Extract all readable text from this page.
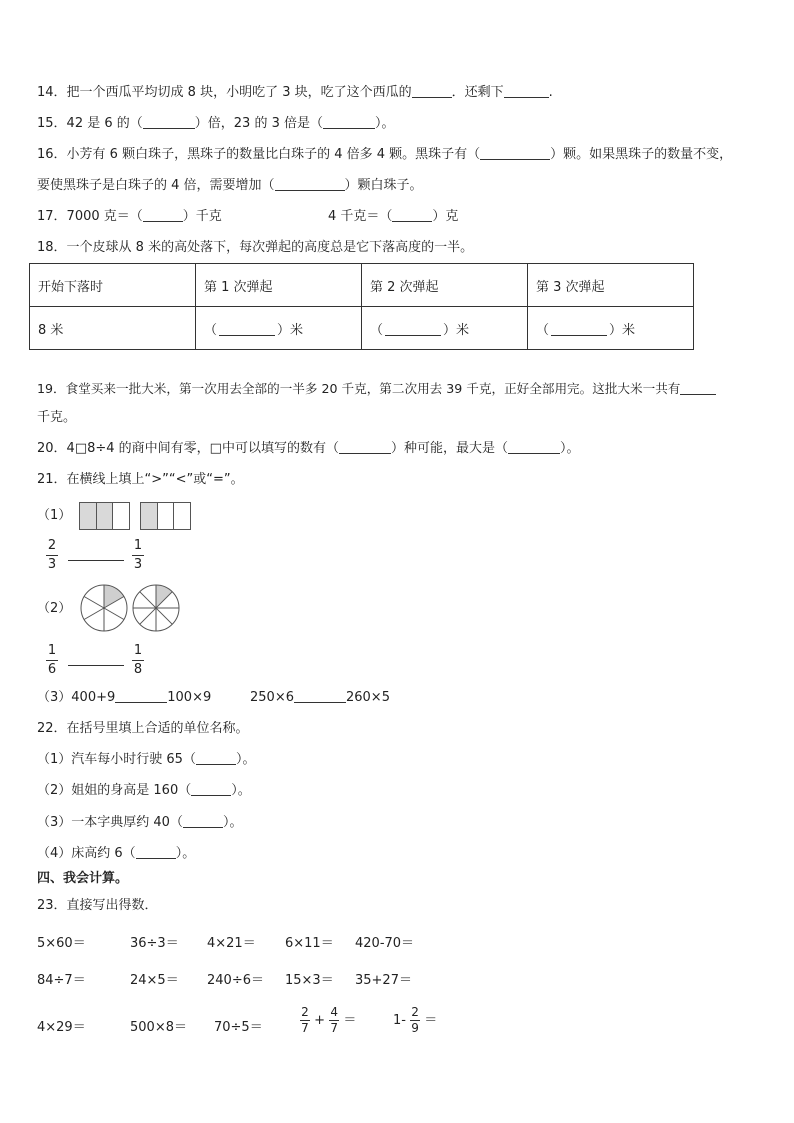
14．把一个西瓜平均切成 8 块，小明吃了 3 块，吃了这个西瓜的	．还剩下	.
15．42 是 6 的（	）倍，23 的 3 倍是（	）。
16．小芳有 6 颗白珠子，黑珠子的数量比白珠子的 4 倍多 4 颗。黑珠子有（	）颗。如果黑珠子的数量不变，
要使黑珠子是白珠子的 4 倍，需要增加（	）颗白珠子。
17．7000 克＝（	）千克	4 千克＝（	）克
18．一个皮球从 8 米的高处落下，每次弹起的高度总是它下落高度的一半。
开始下落时	第 1 次弹起	第 2 次弹起	第 3 次弹起
8 米	（ ）米	（ ）米	（ ）米
19．食堂买来一批大米，第一次用去全部的一半多 20 千克，第二次用去 39 千克，正好全部用完。这批大米一共有
千克。
20．4□8÷4 的商中间有零，□中可以填写的数有（	）种可能，最大是（	）。
21．在横线上填上“>”“<”或“=”。
（1）
2
3
1
3
（2）
1
6
1
8
（3）400+9	100×9	250×6	260×5
22．在括号里填上合适的单位名称。
（1）汽车每小时行驶 65（	）。
（2）姐姐的身高是 160（	）。
（3）一本字典厚约 40（	）。
（4）床高约 6（	）。
四、我会计算。
23．直接写出得数．
5×60＝	36÷3＝ 4×21＝ 6×11＝ 420-70＝
84÷7＝	24×5＝ 240÷6＝ 15×3＝ 35+27＝
4×29＝	500×8＝ 70÷5＝	$\frac{2}{7} + \frac{4}{7}$ ＝	$1- \frac{2}{9}$ ＝
